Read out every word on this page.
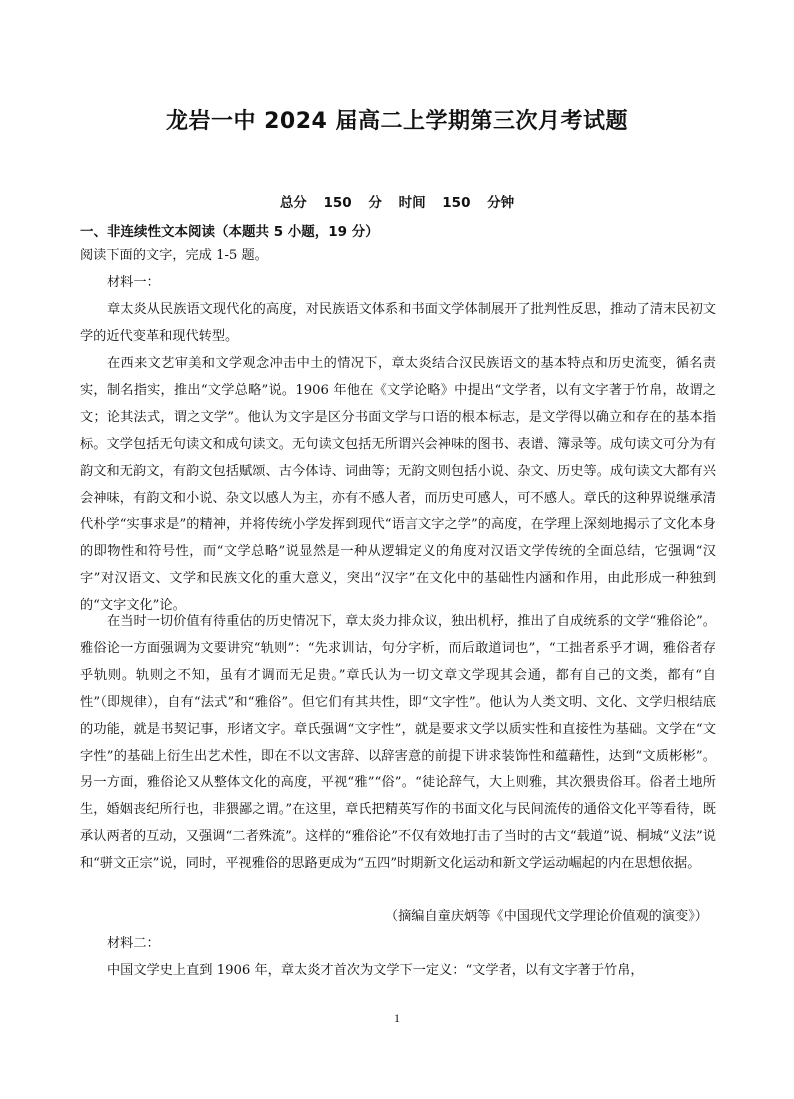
龙岩一中 2024 届高二上学期第三次月考试题
总分 150 分 时间 150 分钟
一、非连续性文本阅读（本题共 5 小题，19 分）
阅读下面的文字，完成 1-5 题。
材料一：

章太炎从民族语文现代化的高度，对民族语文体系和书面文学体制展开了批判性反思，推动了清末民初文学的近代变革和现代转型。

在西来文艺审美和文学观念冲击中土的情况下，章太炎结合汉民族语文的基本特点和历史流变，循名责实，制名指实，推出“文学总略”说。1906 年他在《文学论略》中提出“文学者，以有文字著于竹帛，故谓之文；论其法式，谓之文学”。他认为文字是区分书面文学与口语的根本标志，是文学得以确立和存在的基本指标。文学包括无句读文和成句读文。无句读文包括无所谓兴会神味的图书、表谱、簿录等。成句读文可分为有韵文和无韵文，有韵文包括赋颂、古今体诗、词曲等；无韵文则包括小说、杂文、历史等。成句读文大都有兴会神味，有韵文和小说、杂文以感人为主，亦有不感人者，而历史可感人，可不感人。章氏的这种界说继承清代朴学“实事求是”的精神，并将传统小学发挥到现代“语言文字之学”的高度，在学理上深刻地揭示了文化本身的即物性和符号性，而“文学总略”说显然是一种从逻辑定义的角度对汉语文学传统的全面总结，它强调“汉字”对汉语文、文学和民族文化的重大意义，突出“汉字”在文化中的基础性内涵和作用，由此形成一种独到的“文字文化”论。

在当时一切价值有待重估的历史情况下，章太炎力排众议，独出机杼，推出了自成统系的文学“雅俗论”。雅俗论一方面强调为文要讲究“轨则”：“先求训诂，句分字析，而后敢道词也”，“工拙者系乎才调，雅俗者存乎轨则。轨则之不知，虽有才调而无足贵。”章氏认为一切文章文学现其会通，都有自己的文类，都有“自性”（即规律），自有“法式”和“雅俗”。但它们有其共性，即“文字性”。他认为人类文明、文化、文学归根结底的功能，就是书契记事，形诸文字。章氏强调“文字性”，就是要求文学以质实性和直接性为基础。文学在“文字性”的基础上衍生出艺术性，即在不以文害辞、以辞害意的前提下讲求装饰性和蕴藉性，达到“文质彬彬”。另一方面，雅俗论又从整体文化的高度，平视“雅”“俗”。“徒论辞气，大上则雅，其次猥贵俗耳。俗者土地所生，婚姻丧纪所行也，非猥鄙之谓。”在这里，章氏把精英写作的书面文化与民间流传的通俗文化平等看待，既承认两者的互动，又强调“二者殊流”。这样的“雅俗论”不仅有效地打击了当时的古文“载道”说、桐城“义法”说和“骈文正宗”说，同时，平视雅俗的思路更成为“五四”时期新文化运动和新文学运动崛起的内在思想依据。

（摘编自童庆炳等《中国现代文学理论价值观的演变》）
材料二：

中国文学史上直到 1906 年，章太炎才首次为文学下一定义：“文学者，以有文字著于竹帛，

1
